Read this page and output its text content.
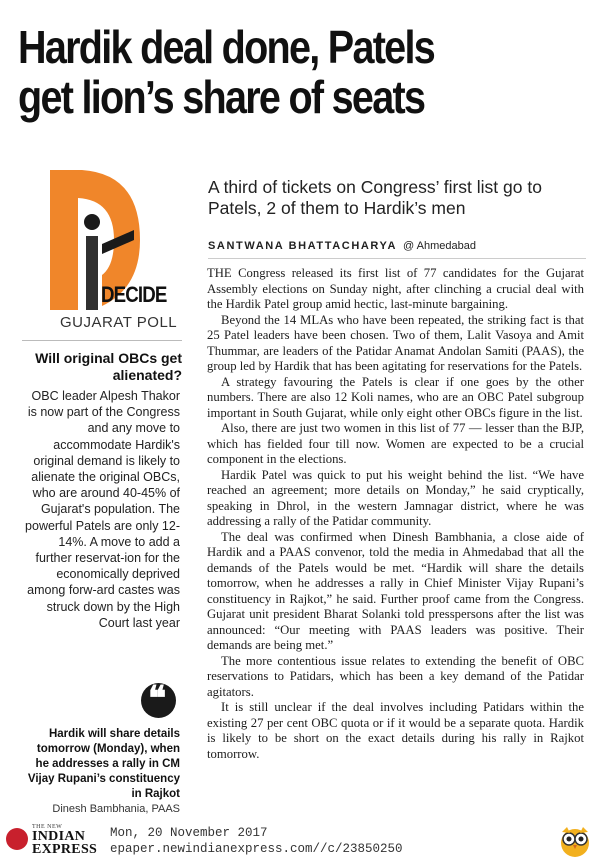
Hardik deal done, Patels
get lion’s share of seats
DECIDE
GUJARAT POLL
Will original OBCs get alienated?
OBC leader Alpesh Thakor is now part of the Congress and any move to accommodate Hardik's original demand is likely to alienate the original OBCs, who are around 40-45% of Gujarat's population. The powerful Patels are only 12-14%. A move to add a further reservat-ion for the economically deprived among forw-ard castes was struck down by the High Court last year
❝
Hardik will share details tomorrow (Monday), when he addresses a rally in CM Vijay Rupani’s constituency in Rajkot
Dinesh Bambhania, PAAS
A third of tickets on Congress’ first list go to Patels, 2 of them to Hardik’s men
SANTWANA BHATTACHARYA @ Ahmedabad

THE Congress released its first list of 77 candidates for the Gujarat Assembly elections on Sunday night, after clinching a crucial deal with the Hardik Patel group amid hectic, last-minute bargaining.

Beyond the 14 MLAs who have been repeated, the striking fact is that 25 Patel leaders have been chosen. Two of them, Lalit Vasoya and Amit Thummar, are leaders of the Patidar Anamat Andolan Samiti (PAAS), the group led by Hardik that has been agitating for reservations for the Patels.

A strategy favouring the Patels is clear if one goes by the other numbers. There are also 12 Koli names, who are an OBC Patel subgroup important in South Gujarat, while only eight other OBCs figure in the list.

Also, there are just two women in this list of 77 — lesser than the BJP, which has fielded four till now. Women are expected to be a crucial component in the elections.

Hardik Patel was quick to put his weight behind the list. “We have reached an agreement; more details on Monday,” he said cryptically, speaking in Dhrol, in the western Jamnagar district, where he was addressing a rally of the Patidar community.

The deal was confirmed when Dinesh Bambhania, a close aide of Hardik and a PAAS convenor, told the media in Ahmedabad that all the demands of the Patels would be met. “Hardik will share the details tomorrow, when he addresses a rally in Chief Minister Vijay Rupani’s constituency in Rajkot,” he said. Further proof came from the Congress. Gujarat unit president Bharat Solanki told presspersons after the list was announced: “Our meeting with PAAS leaders was positive. Their demands are being met.”

The more contentious issue relates to extending the benefit of OBC reservations to Patidars, which has been a key demand of the Patidar agitators.

It is still unclear if the deal involves including Patidars within the existing 27 per cent OBC quota or if it would be a separate quota. Hardik is likely to be short on the exact details during his rally in Rajkot tomorrow.

THE NEW
INDIAN
EXPRESS
Mon, 20 November 2017
epaper.newindianexpress.com//c/23850250
